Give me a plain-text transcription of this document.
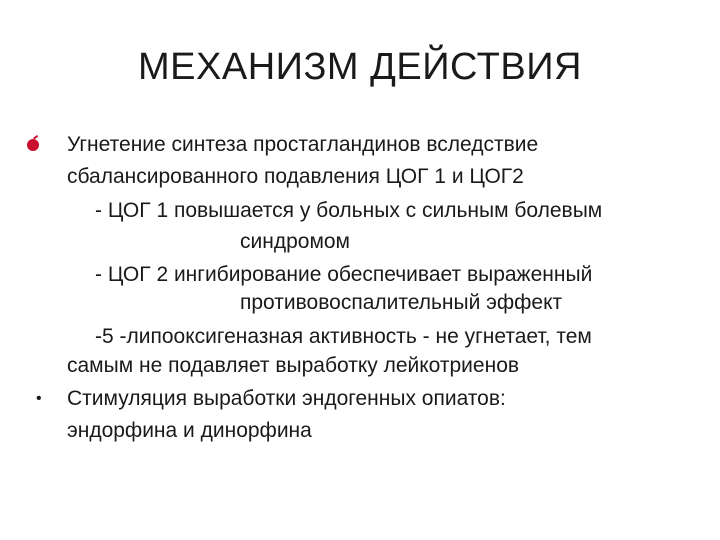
МЕХАНИЗМ ДЕЙСТВИЯ
Угнетение синтеза простагландинов вследствие
сбалансированного подавления ЦОГ 1 и ЦОГ2
- ЦОГ 1 повышается у больных с сильным болевым
синдромом
- ЦОГ 2 ингибирование обеспечивает выраженный
противовоспалительный эффект
-5 -липооксигеназная активность - не угнетает, тем
самым не подавляет выработку лейкотриенов
• Стимуляция выработки эндогенных опиатов:
эндорфина и динорфина
